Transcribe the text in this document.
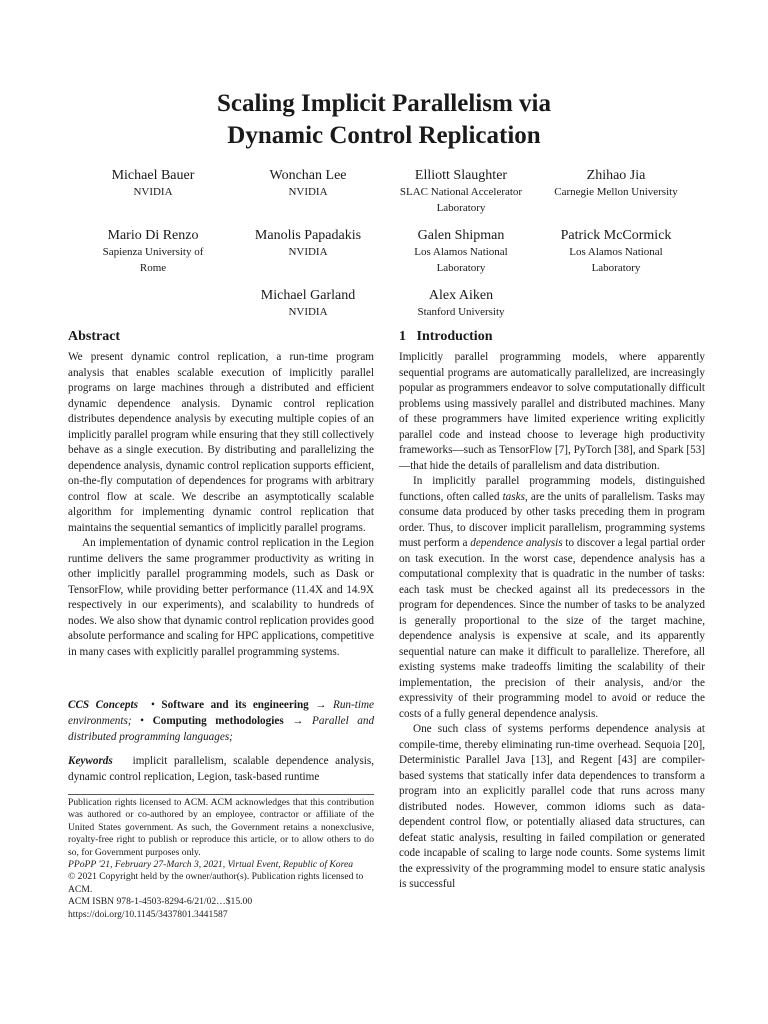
Scaling Implicit Parallelism via
Dynamic Control Replication
Michael Bauer
NVIDIA
Wonchan Lee
NVIDIA
Elliott Slaughter
SLAC National Accelerator
Laboratory
Zhihao Jia
Carnegie Mellon University
Mario Di Renzo
Sapienza University of
Rome
Manolis Papadakis
NVIDIA
Galen Shipman
Los Alamos National
Laboratory
Patrick McCormick
Los Alamos National
Laboratory
Michael Garland
NVIDIA
Alex Aiken
Stanford University
Abstract

We present dynamic control replication, a run-time program analysis that enables scalable execution of implicitly parallel programs on large machines through a distributed and efficient dynamic dependence analysis. Dynamic control replication distributes dependence analysis by executing multiple copies of an implicitly parallel program while ensuring that they still collectively behave as a single execution. By distributing and parallelizing the dependence analysis, dynamic control replication supports efficient, on-the-fly computation of dependences for programs with arbitrary control flow at scale. We describe an asymptotically scalable algorithm for implementing dynamic control replication that maintains the sequential semantics of implicitly parallel programs.

An implementation of dynamic control replication in the Legion runtime delivers the same programmer productivity as writing in other implicitly parallel programming models, such as Dask or TensorFlow, while providing better performance (11.4X and 14.9X respectively in our experiments), and scalability to hundreds of nodes. We also show that dynamic control replication provides good absolute performance and scaling for HPC applications, competitive in many cases with explicitly parallel programming systems.

CCS Concepts  • Software and its engineering → Run-time environments; • Computing methodologies → Parallel and distributed programming languages;
Keywords implicit parallelism, scalable dependence analysis, dynamic control replication, Legion, task-based runtime
Publication rights licensed to ACM. ACM acknowledges that this contribution was authored or co-authored by an employee, contractor or affiliate of the United States government. As such, the Government retains a nonexclusive, royalty-free right to publish or reproduce this article, or to allow others to do so, for Government purposes only.
PPoPP '21, February 27-March 3, 2021, Virtual Event, Republic of Korea
© 2021 Copyright held by the owner/author(s). Publication rights licensed to ACM.
ACM ISBN 978-1-4503-8294-6/21/02…$15.00
https://doi.org/10.1145/3437801.3441587
1 Introduction

Implicitly parallel programming models, where apparently sequential programs are automatically parallelized, are increasingly popular as programmers endeavor to solve computationally difficult problems using massively parallel and distributed machines. Many of these programmers have limited experience writing explicitly parallel code and instead choose to leverage high productivity frameworks—such as TensorFlow [7], PyTorch [38], and Spark [53]—that hide the details of parallelism and data distribution.

In implicitly parallel programming models, distinguished functions, often called tasks, are the units of parallelism. Tasks may consume data produced by other tasks preceding them in program order. Thus, to discover implicit parallelism, programming systems must perform a dependence analysis to discover a legal partial order on task execution. In the worst case, dependence analysis has a computational complexity that is quadratic in the number of tasks: each task must be checked against all its predecessors in the program for dependences. Since the number of tasks to be analyzed is generally proportional to the size of the target machine, dependence analysis is expensive at scale, and its apparently sequential nature can make it difficult to parallelize. Therefore, all existing systems make tradeoffs limiting the scalability of their implementation, the precision of their analysis, and/or the expressivity of their programming model to avoid or reduce the costs of a fully general dependence analysis.

One such class of systems performs dependence analysis at compile-time, thereby eliminating run-time overhead. Sequoia [20], Deterministic Parallel Java [13], and Regent [43] are compiler-based systems that statically infer data dependences to transform a program into an explicitly parallel code that runs across many distributed nodes. However, common idioms such as data-dependent control flow, or potentially aliased data structures, can defeat static analysis, resulting in failed compilation or generated code incapable of scaling to large node counts. Some systems limit the expressivity of the programming model to ensure static analysis is successful
